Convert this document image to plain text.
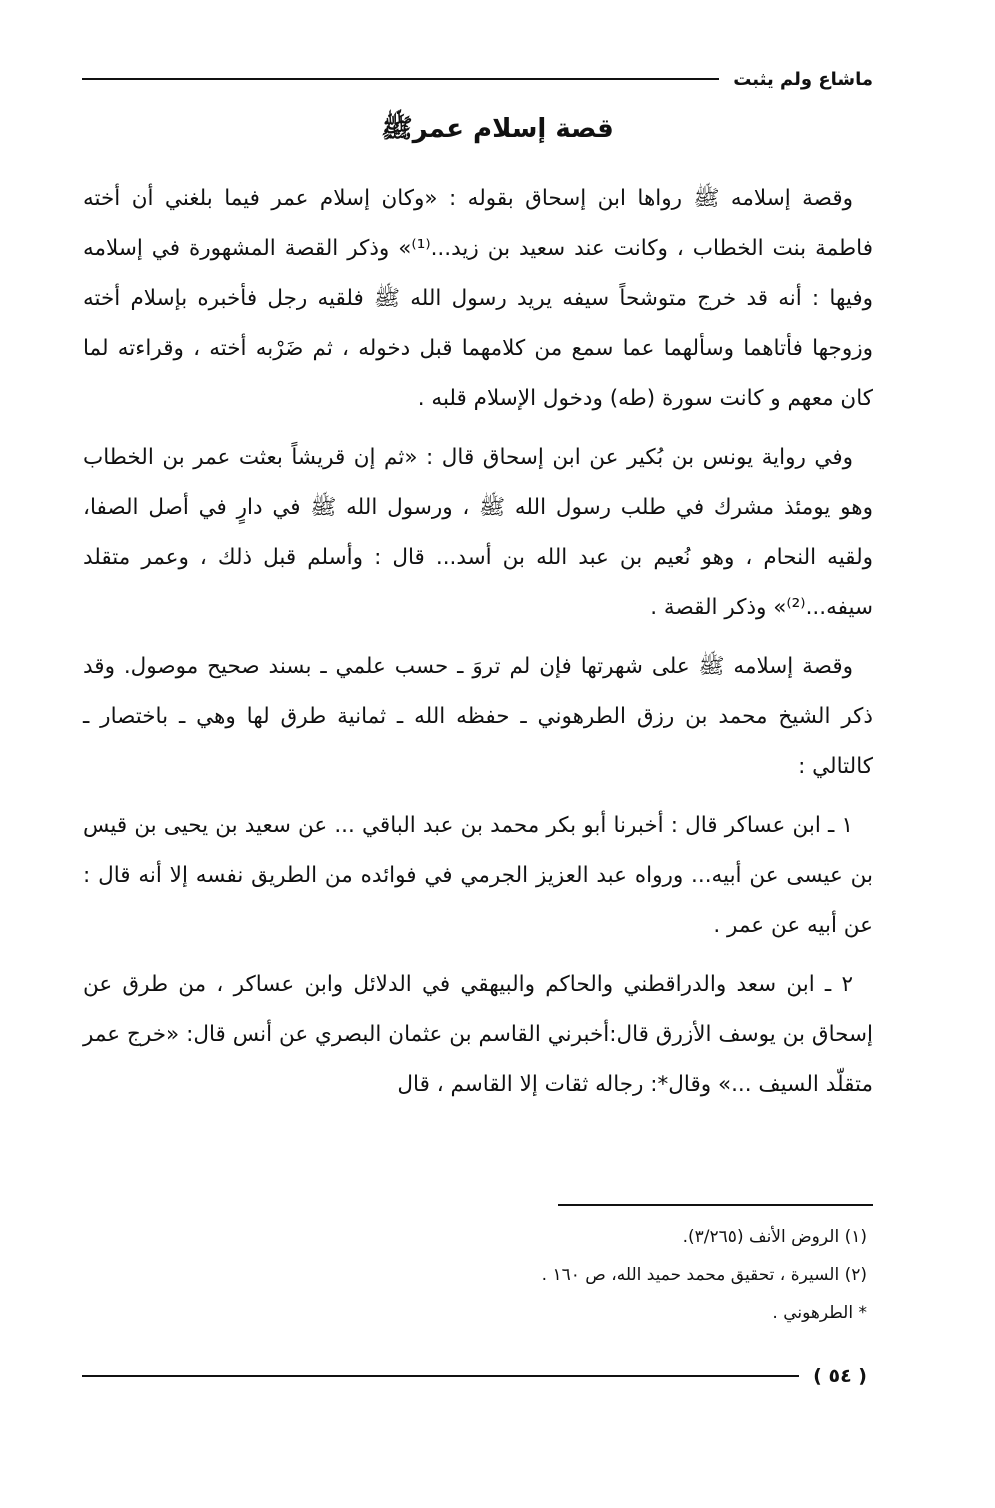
ماشاع ولم يثبت
قصة إسلام عمرﷺ

وقصة إسلامه ﷺ رواها ابن إسحاق بقوله : «وكان إسلام عمر فيما بلغني أن أخته فاطمة بنت الخطاب ، وكانت عند سعيد بن زيد...⁽¹⁾» وذكر القصة المشهورة في إسلامه وفيها : أنه قد خرج متوشحاً سيفه يريد رسول الله ﷺ فلقيه رجل فأخبره بإسلام أخته وزوجها فأتاهما وسألهما عما سمع من كلامهما قبل دخوله ، ثم ضَرْبه أخته ، وقراءته لما كان معهم و كانت سورة (طه) ودخول الإسلام قلبه .

وفي رواية يونس بن بُكير عن ابن إسحاق قال : «ثم إن قريشاً بعثت عمر بن الخطاب وهو يومئذ مشرك في طلب رسول الله ﷺ ، ورسول الله ﷺ في دارٍ في أصل الصفا، ولقيه النحام ، وهو نُعيم بن عبد الله بن أسد... قال : وأسلم قبل ذلك ، وعمر متقلد سيفه...⁽²⁾» وذكر القصة .

وقصة إسلامه ﷺ على شهرتها فإن لم تروَ ـ حسب علمي ـ بسند صحيح موصول. وقد ذكر الشيخ محمد بن رزق الطرهوني ـ حفظه الله ـ ثمانية طرق لها وهي ـ باختصار ـ كالتالي :

١ ـ ابن عساكر قال : أخبرنا أبو بكر محمد بن عبد الباقي ... عن سعيد بن يحيى بن قيس بن عيسى عن أبيه... ورواه عبد العزيز الجرمي في فوائده من الطريق نفسه إلا أنه قال : عن أبيه عن عمر .

٢ ـ ابن سعد والدراقطني والحاكم والبيهقي في الدلائل وابن عساكر ، من طرق عن إسحاق بن يوسف الأزرق قال:أخبرني القاسم بن عثمان البصري عن أنس قال: «خرج عمر متقلّد السيف ...» وقال*: رجاله ثقات إلا القاسم ، قال

(١) الروض الأنف (٣/٢٦٥).

(٢) السيرة ، تحقيق محمد حميد الله، ص ١٦٠ .

* الطرهوني .

( ٥٤ )
